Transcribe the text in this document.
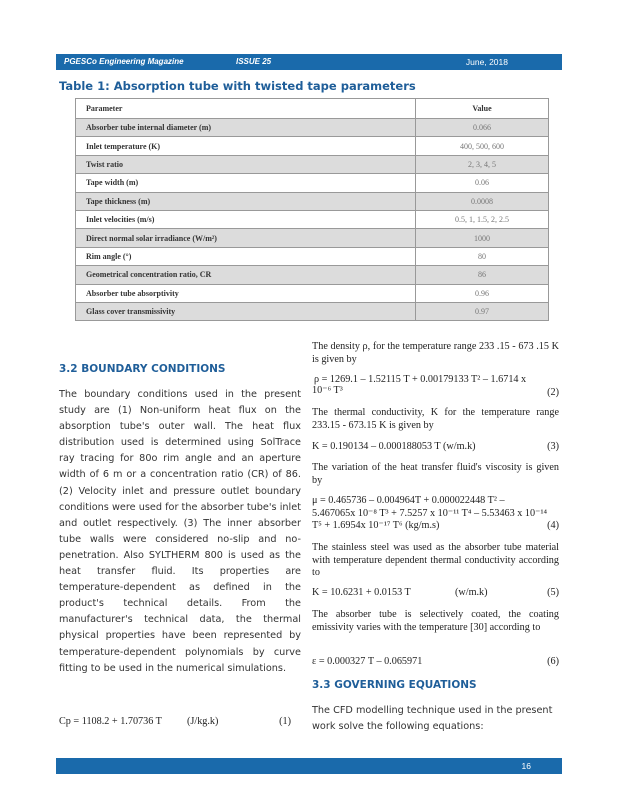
PGESCo Engineering Magazine	ISSUE 25	June, 2018
Table 1: Absorption tube with twisted tape parameters
Parameter	Value
Absorber tube internal diameter (m)	0.066
Inlet temperature (K)	400, 500, 600
Twist ratio	2, 3, 4, 5
Tape width (m)	0.06
Tape thickness (m)	0.0008
Inlet velocities (m/s)	0.5, 1, 1.5, 2, 2.5
Direct normal solar irradiance (W/m²)	1000
Rim angle (°)	80
Geometrical concentration ratio, CR	86
Absorber tube absorptivity	0.96
Glass cover transmissivity	0.97
3.2 BOUNDARY CONDITIONS
The boundary conditions used in the present study are (1) Non-uniform heat flux on the absorption tube's outer wall. The heat flux distribution used is determined using SolTrace ray tracing for 80o rim angle and an aperture width of 6 m or a concentration ratio (CR) of 86. (2) Velocity inlet and pressure outlet boundary conditions were used for the absorber tube's inlet and outlet respectively. (3) The inner absorber tube walls were considered no-slip and no-penetration. Also SYLTHERM 800 is used as the heat transfer fluid. Its properties are temperature-dependent as defined in the product's technical details. From the manufacturer's technical data, the thermal physical properties have been represented by temperature-dependent polynomials by curve fitting to be used in the numerical simulations.
Cp = 1108.2 + 1.70736 T (J/kg.k)	(1)
The density ρ, for the temperature range 233 .15 - 673 .15 K is given by
ρ = 1269.1 – 1.52115 T + 0.00179133 T² – 1.6714 x
10⁻⁶ T³	(2)
The thermal conductivity, K for the temperature range 233.15 - 673.15 K is given by
K = 0.190134 – 0.000188053 T (w/m.k)	(3)
The variation of the heat transfer fluid's viscosity is given by
μ = 0.465736 – 0.004964T + 0.000022448 T² –
5.467065x 10⁻⁸ T³ + 7.5257 x 10⁻¹¹ T⁴ – 5.53463 x 10⁻¹⁴
T⁵ + 1.6954x 10⁻¹⁷ T⁶ (kg/m.s)	(4)
The stainless steel was used as the absorber tube material with temperature dependent thermal conductivity according to
K = 10.6231 + 0.0153 T	(w/m.k)	(5)
The absorber tube is selectively coated, the coating emissivity varies with the temperature [30] according to
ε = 0.000327 T – 0.065971	(6)
3.3 GOVERNING EQUATIONS
The CFD modelling technique used in the present work solve the following equations:
16
